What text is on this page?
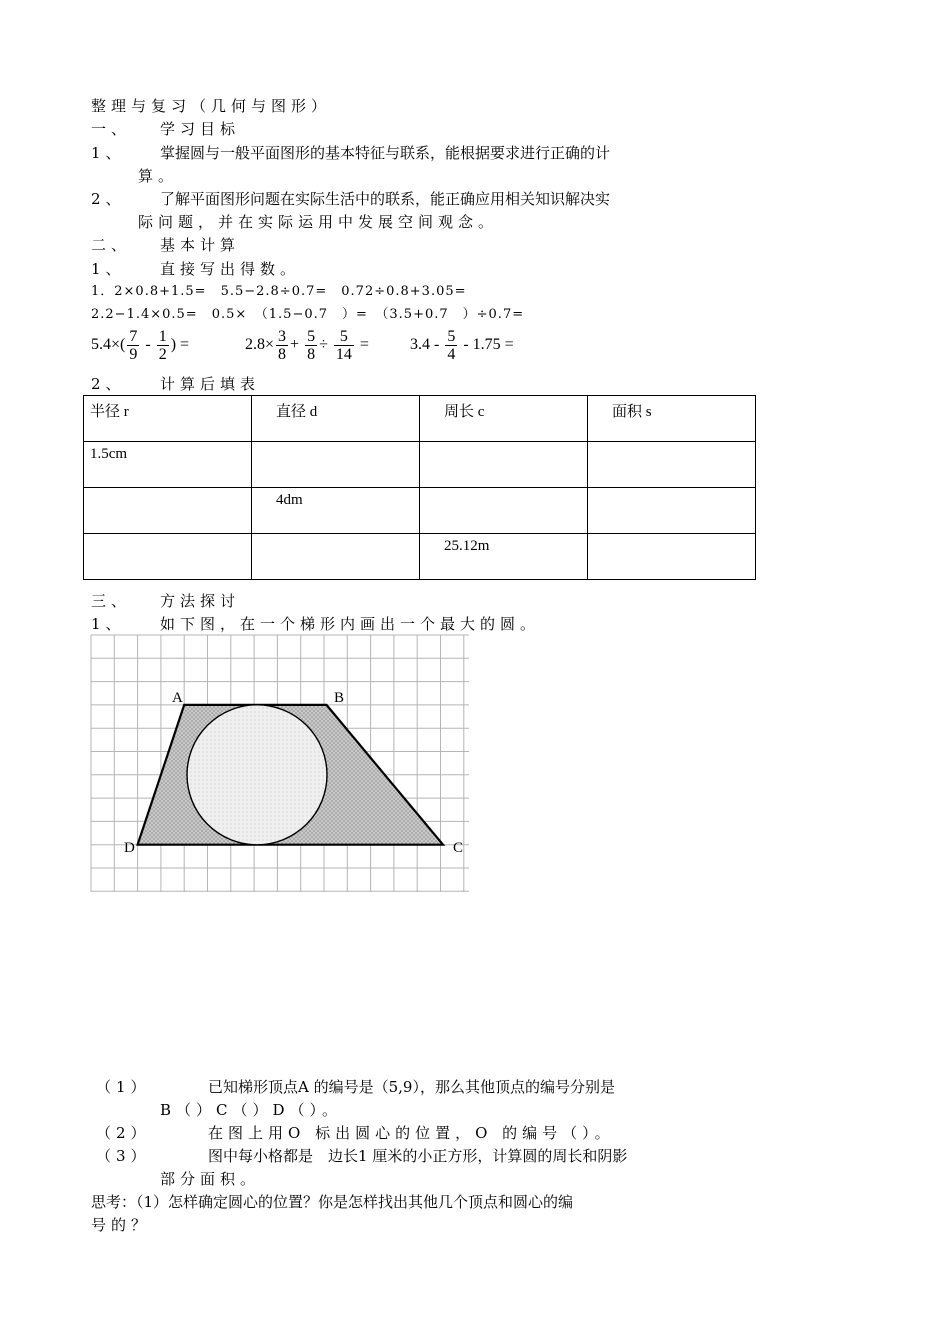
整理与复习（几何与图形）
一、 学习目标
1、 掌握圆与一般平面图形的基本特征与联系，能根据要求进行正确的计
算。
2、 了解平面图形问题在实际生活中的联系，能正确应用相关知识解决实
际问题，并在实际运用中发展空间观念。
二、 基本计算
1、 直接写出得数。
1．2×0.8+1.5=　5.5−2.8÷0.7=　0.72÷0.8+3.05=
2.2−1.4×0.5=　0.5×　（1.5−0.7　）=　（3.5+0.7　）÷0.7=
$5.4\times( \frac{7}{9} - \frac{1}{2}$ ) =	$2.8\times \frac{3}{8} + \frac{5}{8} \div \frac{5}{14}$ =	$3.4 - \frac{5}{4} - 1.75$ =
2、 计算后填表
半径 r	直径 d	周长 c	面积 s
1.5cm			
	4dm		
		25.12m	
三、 方法探讨
1、 如下图，在一个梯形内画出一个最大的圆。
A	B
C
D
（1）	已知梯形顶点A 的编号是（5,9），那么其他顶点的编号分别是
B（）C（）D（）。
（2）	在图上用O 标出圆心的位置，O 的编号（）。
（3）	图中每小格都是　边长1 厘米的小正方形，计算圆的周长和阴影
部分面积。
思考：（1）怎样确定圆心的位置？你是怎样找出其他几个顶点和圆心的编
号的？
